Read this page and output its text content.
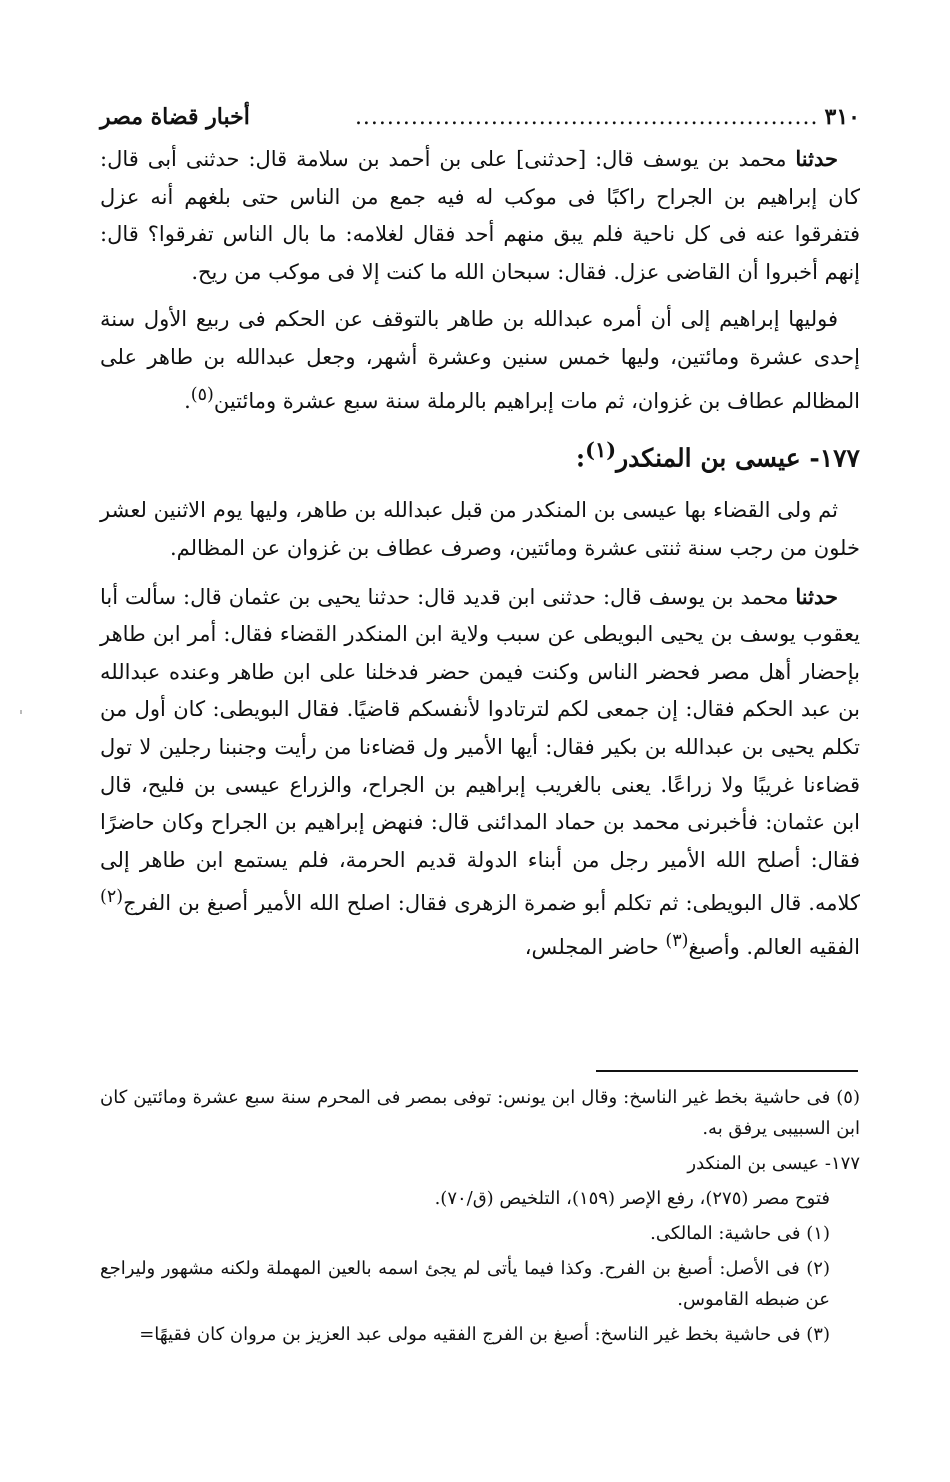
٣١٠
..........................................................
أخبار قضاة مصر

حدثنا محمد بن يوسف قال: [حدثنى] على بن أحمد بن سلامة قال: حدثنى أبى قال: كان إبراهيم بن الجراح راكبًا فى موكب له فيه جمع من الناس حتى بلغهم أنه عزل فتفرقوا عنه فى كل ناحية فلم يبق منهم أحد فقال لغلامه: ما بال الناس تفرقوا؟ قال: إنهم أخبروا أن القاضى عزل. فقال: سبحان الله ما كنت إلا فى موكب من ريح.

فوليها إبراهيم إلى أن أمره عبدالله بن طاهر بالتوقف عن الحكم فى ربيع الأول سنة إحدى عشرة ومائتين، وليها خمس سنين وعشرة أشهر، وجعل عبدالله بن طاهر على المظالم عطاف بن غزوان، ثم مات إبراهيم بالرملة سنة سبع عشرة ومائتين$^{(٥)}$.

١٧٧- عيسى بن المنكدر$^{(١)}$:

ثم ولى القضاء بها عيسى بن المنكدر من قبل عبدالله بن طاهر، وليها يوم الاثنين لعشر خلون من رجب سنة ثنتى عشرة ومائتين، وصرف عطاف بن غزوان عن المظالم.

حدثنا محمد بن يوسف قال: حدثنى ابن قديد قال: حدثنا يحيى بن عثمان قال: سألت أبا يعقوب يوسف بن يحيى البويطى عن سبب ولاية ابن المنكدر القضاء فقال: أمر ابن طاهر بإحضار أهل مصر فحضر الناس وكنت فيمن حضر فدخلنا على ابن طاهر وعنده عبدالله بن عبد الحكم فقال: إن جمعى لكم لترتادوا لأنفسكم قاضيًا. فقال البويطى: كان أول من تكلم يحيى بن عبدالله بن بكير فقال: أيها الأمير ول قضاءنا من رأيت وجنبنا رجلين لا تول قضاءنا غريبًا ولا زراعًا. يعنى بالغريب إبراهيم بن الجراح، والزراع عيسى بن فليح، قال ابن عثمان: فأخبرنى محمد بن حماد المدائنى قال: فنهض إبراهيم بن الجراح وكان حاضرًا فقال: أصلح الله الأمير رجل من أبناء الدولة قديم الحرمة، فلم يستمع ابن طاهر إلى كلامه. قال البويطى: ثم تكلم أبو ضمرة الزهرى فقال: اصلح الله الأمير أصبغ بن الفرج$^{(٢)}$ الفقيه العالم. وأصبغ$^{(٣)}$ حاضر المجلس،

(٥) فى حاشية بخط غير الناسخ: وقال ابن يونس: توفى بمصر فى المحرم سنة سبع عشرة ومائتين كان ابن السبيبى يرفق به.

١٧٧- عيسى بن المنكدر

فتوح مصر (٢٧٥)، رفع الإصر (١٥٩)، التلخيص (ق/٧٠).

(١) فى حاشية: المالكى.

(٢) فى الأصل: أصبغ بن الفرح. وكذا فيما يأتى لم يجئ اسمه بالعين المهملة ولكنه مشهور وليراجع عن ضبطه القاموس.

(٣) فى حاشية بخط غير الناسخ: أصبغ بن الفرج الفقيه مولى عبد العزيز بن مروان كان فقيهًا=
